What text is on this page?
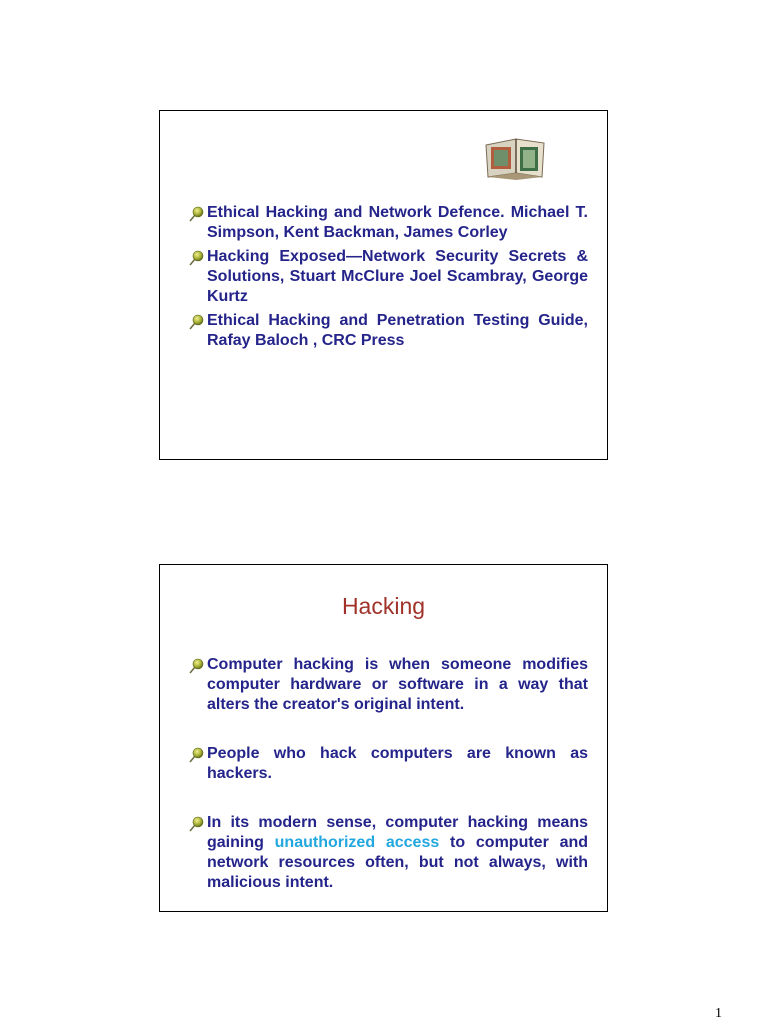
Ethical Hacking and Network Defence. Michael T. Simpson, Kent Backman, James Corley
Hacking Exposed—Network Security Secrets & Solutions, Stuart McClure Joel Scambray, George Kurtz
Ethical Hacking and Penetration Testing Guide, Rafay Baloch , CRC Press
Hacking
Computer hacking is when someone modifies computer hardware or software in a way that alters the creator's original intent.
People who hack computers are known as hackers.
In its modern sense, computer hacking means gaining unauthorized access to computer and network resources often, but not always, with malicious intent.
1
